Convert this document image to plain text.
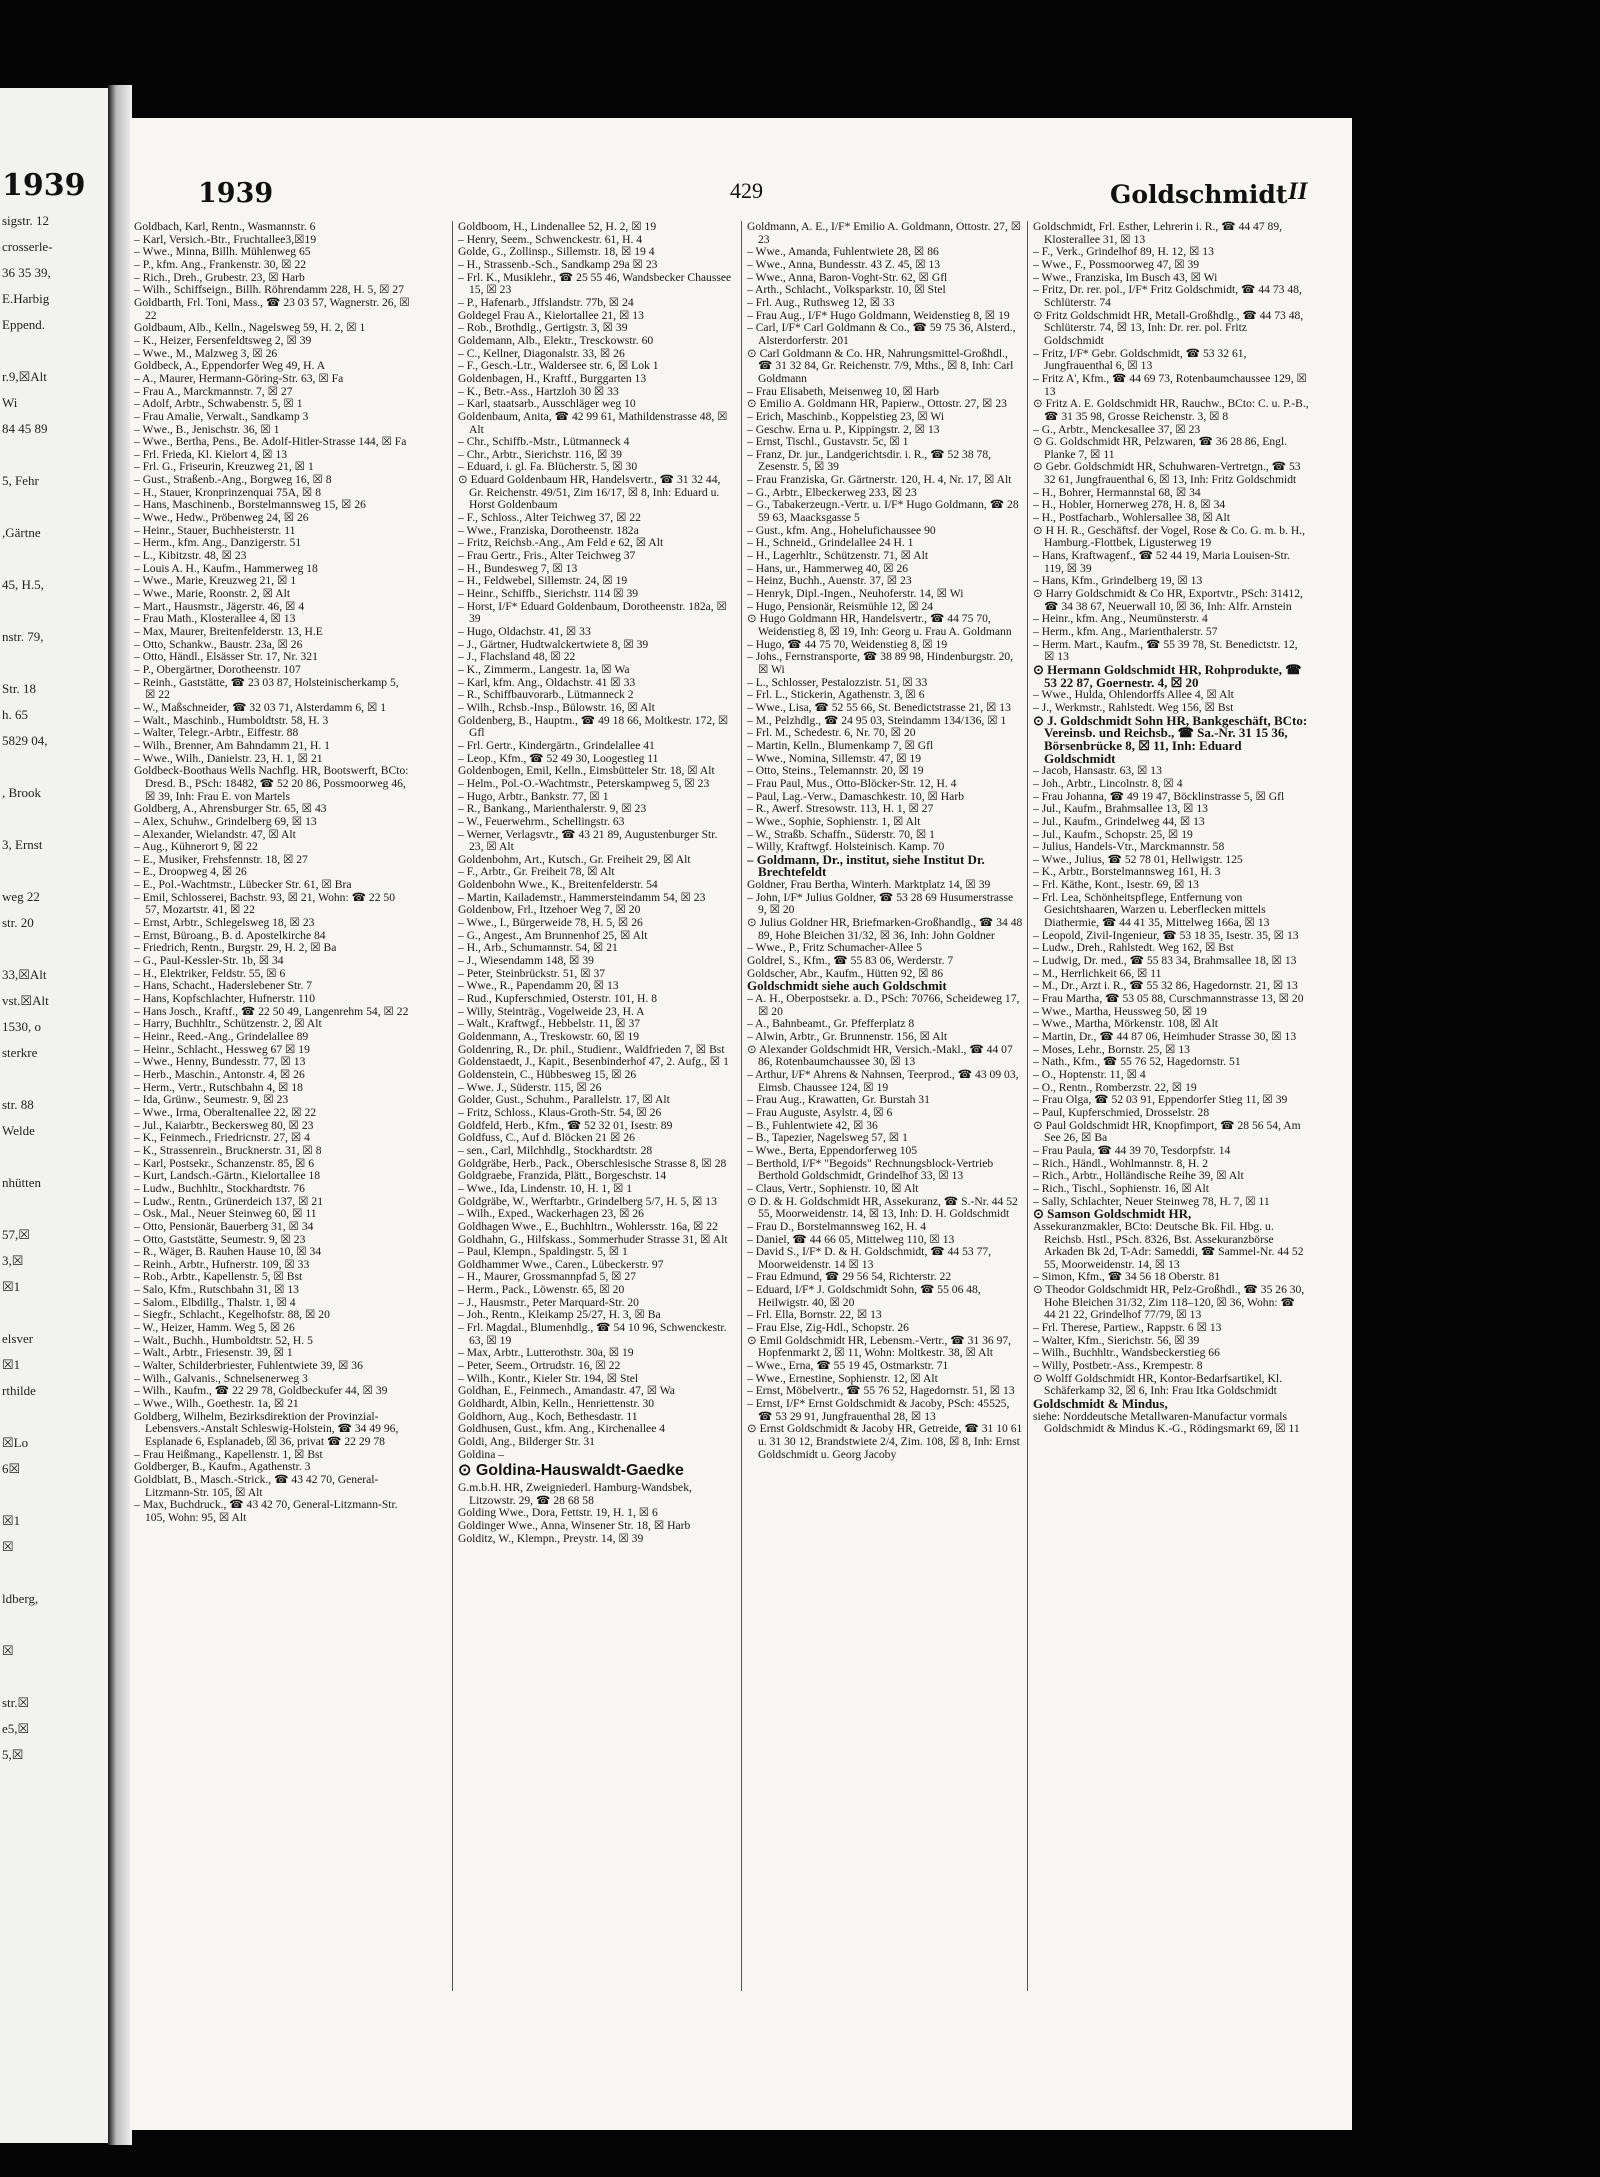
1939
sigstr. 12
crosserle-
36 35 39,
E.Harbig
Eppend.
r.9,☒Alt
Wi
84 45 89
5, Fehr
,Gärtne
45, H.5,
nstr. 79,
Str. 18
h. 65
5829 04,
, Brook
3, Ernst
weg 22
str. 20
33,☒Alt
vst.☒Alt
1530, o
sterkre
str. 88
Welde
nhütten
57,☒
3,☒
☒1
elsver
☒1
rthilde
☒Lo
6☒
☒1
☒
ldberg,
☒
str.☒
e5,☒
5,☒
1939	429	Goldschmidt II
Goldbach, Karl, Rentn., Wasmannstr. 6
– Karl, Versich.-Btr., Fruchtallee3,☒19
– Wwe., Minna, Billh. Mühlenweg 65
– P., kfm. Ang., Frankenstr. 30, ☒ 22
– Rich., Dreh., Grubestr. 23, ☒ Harb
– Wilh., Schiffseign., Billh. Röhrendamm 228, H. 5, ☒ 27
Goldbarth, Frl. Toni, Mass., ☎ 23 03 57, Wagnerstr. 26, ☒ 22
Goldbaum, Alb., Kelln., Nagelsweg 59, H. 2, ☒ 1
– K., Heizer, Fersenfeldtsweg 2, ☒ 39
– Wwe., M., Malzweg 3, ☒ 26
Goldbeck, A., Eppendorfer Weg 49, H. A
– A., Maurer, Hermann-Göring-Str. 63, ☒ Fa
– Frau A., Marckmannstr. 7, ☒ 27
– Adolf, Arbtr., Schwabenstr. 5, ☒ 1
– Frau Amalie, Verwalt., Sandkamp 3
– Wwe., B., Jenischstr. 36, ☒ 1
– Wwe., Bertha, Pens., Be. Adolf-Hitler-Strasse 144, ☒ Fa
– Frl. Frieda, Kl. Kielort 4, ☒ 13
– Frl. G., Friseurin, Kreuzweg 21, ☒ 1
– Gust., Straßenb.-Ang., Borgweg 16, ☒ 8
– H., Stauer, Kronprinzenquai 75A, ☒ 8
– Hans, Maschinenb., Borstelmannsweg 15, ☒ 26
– Wwe., Hedw., Pröbenweg 24, ☒ 26
– Heinr., Stauer, Buchheisterstr. 11
– Herm., kfm. Ang., Danzigerstr. 51
– L., Kibitzstr. 48, ☒ 23
– Louis A. H., Kaufm., Hammerweg 18
– Wwe., Marie, Kreuzweg 21, ☒ 1
– Wwe., Marie, Roonstr. 2, ☒ Alt
– Mart., Hausmstr., Jägerstr. 46, ☒ 4
– Frau Math., Klosterallee 4, ☒ 13
– Max, Maurer, Breitenfelderstr. 13, H.E
– Otto, Schankw., Baustr. 23a, ☒ 26
– Otto, Händl., Elsässer Str. 17, Nr. 321
– P., Obergärtner, Dorotheenstr. 107
– Reinh., Gaststätte, ☎ 23 03 87, Holsteinischerkamp 5, ☒ 22
– W., Maßschneider, ☎ 32 03 71, Alsterdamm 6, ☒ 1
– Walt., Maschinb., Humboldtstr. 58, H. 3
– Walter, Telegr.-Arbtr., Eiffestr. 88
– Wilh., Brenner, Am Bahndamm 21, H. 1
– Wwe., Wilh., Danielstr. 23, H. 1, ☒ 21
Goldbeck-Boothaus Wells Nachflg. HR, Bootswerft, BCto: Dresd. B., PSch: 18482, ☎ 52 20 86, Possmoorweg 46, ☒ 39, Inh: Frau E. von Martels
Goldberg, A., Ahrensburger Str. 65, ☒ 43
– Alex, Schuhw., Grindelberg 69, ☒ 13
– Alexander, Wielandstr. 47, ☒ Alt
– Aug., Kühnerort 9, ☒ 22
– E., Musiker, Frehsfennstr. 18, ☒ 27
– E., Droopweg 4, ☒ 26
– E., Pol.-Wachtmstr., Lübecker Str. 61, ☒ Bra
– Emil, Schlosserei, Bachstr. 93, ☒ 21, Wohn: ☎ 22 50 57, Mozartstr. 41, ☒ 22
– Ernst, Arbtr., Schlegelsweg 18, ☒ 23
– Ernst, Büroang., B. d. Apostelkirche 84
– Friedrich, Rentn., Burgstr. 29, H. 2, ☒ Ba
– G., Paul-Kessler-Str. 1b, ☒ 34
– H., Elektriker, Feldstr. 55, ☒ 6
– Hans, Schacht., Haderslebener Str. 7
– Hans, Kopfschlachter, Hufnerstr. 110
– Hans Josch., Kraftf., ☎ 22 50 49, Langenrehm 54, ☒ 22
– Harry, Buchhltr., Schützenstr. 2, ☒ Alt
– Heinr., Reed.-Ang., Grindelallee 89
– Heinr., Schlacht., Hessweg 67 ☒ 19
– Wwe., Henny, Bundesstr. 77, ☒ 13
– Herb., Maschin., Antonstr. 4, ☒ 26
– Herm., Vertr., Rutschbahn 4, ☒ 18
– Ida, Grünw., Seumestr. 9, ☒ 23
– Wwe., Irma, Oberaltenallee 22, ☒ 22
– Jul., Kaiarbtr., Beckersweg 80, ☒ 23
– K., Feinmech., Friedricnstr. 27, ☒ 4
– K., Strassenrein., Brucknerstr. 31, ☒ 8
– Karl, Postsekr., Schanzenstr. 85, ☒ 6
– Kurt, Landsch.-Gärtn., Kielortallee 18
– Ludw., Buchhltr., Stockhardtstr. 76
– Ludw., Rentn., Grünerdeich 137, ☒ 21
– Osk., Mal., Neuer Steinweg 60, ☒ 11
– Otto, Pensionär, Bauerberg 31, ☒ 34
– Otto, Gaststätte, Seumestr. 9, ☒ 23
– R., Wäger, B. Rauhen Hause 10, ☒ 34
– Reinh., Arbtr., Hufnerstr. 109, ☒ 33
– Rob., Arbtr., Kapellenstr. 5, ☒ Bst
– Salo, Kfm., Rutschbahn 31, ☒ 13
– Salom., Elbdillg., Thalstr. 1, ☒ 4
– Siegfr., Schlacht., Kegelhofstr. 88, ☒ 20
– W., Heizer, Hamm. Weg 5, ☒ 26
– Walt., Buchh., Humboldtstr. 52, H. 5
– Walt., Arbtr., Friesenstr. 39, ☒ 1
– Walter, Schilderbriester, Fuhlentwiete 39, ☒ 36
– Wilh., Galvanis., Schnelsenerweg 3
– Wilh., Kaufm., ☎ 22 29 78, Goldbeckufer 44, ☒ 39
– Wwe., Wilh., Goethestr. 1a, ☒ 21
Goldberg, Wilhelm, Bezirksdirektion der Provinzial-Lebensvers.-Anstalt Schleswig-Holstein, ☎ 34 49 96, Esplanade 6, Esplanadeb, ☒ 36, privat ☎ 22 29 78
– Frau Heißmang., Kapellenstr. 1, ☒ Bst
Goldberger, B., Kaufm., Agathenstr. 3
Goldblatt, B., Masch.-Strick., ☎ 43 42 70, General-Litzmann-Str. 105, ☒ Alt
– Max, Buchdruck., ☎ 43 42 70, General-Litzmann-Str. 105, Wohn: 95, ☒ Alt
Goldboom, H., Lindenallee 52, H. 2, ☒ 19
– Henry, Seem., Schwenckestr. 61, H. 4
Golde, G., Zollinsp., Sillemstr. 18, ☒ 19 4
– H., Strassenb.-Sch., Sandkamp 29a ☒ 23
– Frl. K., Musiklehr., ☎ 25 55 46, Wandsbecker Chaussee 15, ☒ 23
– P., Hafenarb., Jffslandstr. 77b, ☒ 24
Goldegel Frau A., Kielortallee 21, ☒ 13
– Rob., Brothdlg., Gertigstr. 3, ☒ 39
Goldemann, Alb., Elektr., Tresckowstr. 60
– C., Kellner, Diagonalstr. 33, ☒ 26
– F., Gesch.-Ltr., Waldersee str. 6, ☒ Lok 1
Goldenbagen, H., Kraftf., Burggarten 13
– K., Betr.-Ass., Hartzloh 30 ☒ 33
– Karl, staatsarb., Ausschläger weg 10
Goldenbaum, Anita, ☎ 42 99 61, Mathildenstrasse 48, ☒ Alt
– Chr., Schiffb.-Mstr., Lütmanneck 4
– Chr., Arbtr., Sierichstr. 116, ☒ 39
– Eduard, i. gl. Fa. Blücherstr. 5, ☒ 30
⊙ Eduard Goldenbaum HR, Handelsvertr., ☎ 31 32 44, Gr. Reichenstr. 49/51, Zim 16/17, ☒ 8, Inh: Eduard u. Horst Goldenbaum
– F., Schloss., Alter Teichweg 37, ☒ 22
– Wwe., Franziska, Dorotheenstr. 182a
– Fritz, Reichsb.-Ang., Am Feld e 62, ☒ Alt
– Frau Gertr., Fris., Alter Teichweg 37
– H., Bundesweg 7, ☒ 13
– H., Feldwebel, Sillemstr. 24, ☒ 19
– Heinr., Schiffb., Sierichstr. 114 ☒ 39
– Horst, I/F* Eduard Goldenbaum, Dorotheenstr. 182a, ☒ 39
– Hugo, Oldachstr. 41, ☒ 33
– J., Gärtner, Hudtwalckertwiete 8, ☒ 39
– J., Flachsland 48, ☒ 22
– K., Zimmerm., Langestr. 1a, ☒ Wa
– Karl, kfm. Ang., Oldachstr. 41 ☒ 33
– R., Schiffbauvorarb., Lütmanneck 2
– Wilh., Rchsb.-Insp., Bülowstr. 16, ☒ Alt
Goldenberg, B., Hauptm., ☎ 49 18 66, Moltkestr. 172, ☒ Gfl
– Frl. Gertr., Kindergärtn., Grindelallee 41
– Leop., Kfm., ☎ 52 49 30, Loogestieg 11
Goldenbogen, Emil, Kelln., Eimsbütteler Str. 18, ☒ Alt
– Helm., Pol.-O.-Wachtmstr., Peterskampweg 5, ☒ 23
– Hugo, Arbtr., Bankstr. 77, ☒ 1
– R., Bankang., Marienthalerstr. 9, ☒ 23
– W., Feuerwehrm., Schellingstr. 63
– Werner, Verlagsvtr., ☎ 43 21 89, Augustenburger Str. 23, ☒ Alt
Goldenbohm, Art., Kutsch., Gr. Freiheit 29, ☒ Alt
– F., Arbtr., Gr. Freiheit 78, ☒ Alt
Goldenbohn Wwe., K., Breitenfelderstr. 54
– Martin, Kailademstr., Hammersteindamm 54, ☒ 23
Goldenbow, Frl., Itzehoer Weg 7, ☒ 20
– Wwe., I., Bürgerweide 78, H. 5, ☒ 26
– G., Angest., Am Brunnenhof 25, ☒ Alt
– H., Arb., Schumannstr. 54, ☒ 21
– J., Wiesendamm 148, ☒ 39
– Peter, Steinbrückstr. 51, ☒ 37
– Wwe., R., Papendamm 20, ☒ 13
– Rud., Kupferschmied, Osterstr. 101, H. 8
– Willy, Steinträg., Vogelweide 23, H. A
– Walt., Kraftwgf., Hebbelstr. 11, ☒ 37
Goldenmann, A., Treskowstr. 60, ☒ 19
Goldenring, R., Dr. phil., Studienr., Waldfrieden 7, ☒ Bst
Goldenstaedt, J., Kapit., Besenbinderhof 47, 2. Aufg., ☒ 1
Goldenstein, C., Hübbesweg 15, ☒ 26
– Wwe. J., Süderstr. 115, ☒ 26
Golder, Gust., Schuhm., Parallelstr. 17, ☒ Alt
– Fritz, Schloss., Klaus-Groth-Str. 54, ☒ 26
Goldfeld, Herb., Kfm., ☎ 52 32 01, Isestr. 89
Goldfuss, C., Auf d. Blöcken 21 ☒ 26
– sen., Carl, Milchhdlg., Stockhardtstr. 28
Goldgräbe, Herb., Pack., Oberschlesische Strasse 8, ☒ 28
Goldgraebe, Franzida, Plätt., Borgeschstr. 14
– Wwe., Ida, Lindenstr. 10, H. 1, ☒ 1
Goldgräbe, W., Werftarbtr., Grindelberg 5/7, H. 5, ☒ 13
– Wilh., Exped., Wackerhagen 23, ☒ 26
Goldhagen Wwe., E., Buchhltrn., Wohlersstr. 16a, ☒ 22
Goldhahn, G., Hilfskass., Sommerhuder Strasse 31, ☒ Alt
– Paul, Klempn., Spaldingstr. 5, ☒ 1
Goldhammer Wwe., Caren., Lübeckerstr. 97
– H., Maurer, Grossmannpfad 5, ☒ 27
– Herm., Pack., Löwenstr. 65, ☒ 20
– J., Hausmstr., Peter Marquard-Str. 20
– Joh., Rentn., Kleikamp 25/27, H. 3, ☒ Ba
– Frl. Magdal., Blumenhdlg., ☎ 54 10 96, Schwenckestr. 63, ☒ 19
– Max, Arbtr., Lutterothstr. 30a, ☒ 19
– Peter, Seem., Ortrudstr. 16, ☒ 22
– Wilh., Kontr., Kieler Str. 194, ☒ Stel
Goldhan, E., Feinmech., Amandastr. 47, ☒ Wa
Goldhardt, Albin, Kelln., Henriettenstr. 30
Goldhorn, Aug., Koch, Bethesdastr. 11
Goldhusen, Gust., kfm. Ang., Kirchenallee 4
Goldi, Ang., Bilderger Str. 31
Goldina –
⊙ Goldina-Hauswaldt-Gaedke
G.m.b.H. HR, Zweigniederl. Hamburg-Wandsbek, Litzowstr. 29, ☎ 28 68 58
Golding Wwe., Dora, Fettstr. 19, H. 1, ☒ 6
Goldinger Wwe., Anna, Winsener Str. 18, ☒ Harb
Golditz, W., Klempn., Preystr. 14, ☒ 39
Goldmann, A. E., I/F* Emilio A. Goldmann, Ottostr. 27, ☒ 23
– Wwe., Amanda, Fuhlentwiete 28, ☒ 86
– Wwe., Anna, Bundesstr. 43 Z. 45, ☒ 13
– Wwe., Anna, Baron-Voght-Str. 62, ☒ Gfl
– Arth., Schlacht., Volksparkstr. 10, ☒ Stel
– Frl. Aug., Ruthsweg 12, ☒ 33
– Frau Aug., I/F* Hugo Goldmann, Weidenstieg 8, ☒ 19
– Carl, I/F* Carl Goldmann & Co., ☎ 59 75 36, Alsterd., Alsterdorferstr. 201
⊙ Carl Goldmann & Co. HR, Nahrungsmittel-Großhdl., ☎ 31 32 84, Gr. Reichenstr. 7/9, Mths., ☒ 8, Inh: Carl Goldmann
– Frau Elisabeth, Meisenweg 10, ☒ Harb
⊙ Emilio A. Goldmann HR, Papierw., Ottostr. 27, ☒ 23
– Erich, Maschinb., Koppelstieg 23, ☒ Wi
– Geschw. Erna u. P., Kippingstr. 2, ☒ 13
– Ernst, Tischl., Gustavstr. 5c, ☒ 1
– Franz, Dr. jur., Landgerichtsdir. i. R., ☎ 52 38 78, Zesenstr. 5, ☒ 39
– Frau Franziska, Gr. Gärtnerstr. 120, H. 4, Nr. 17, ☒ Alt
– G., Arbtr., Elbeckerweg 233, ☒ 23
– G., Tabakerzeugn.-Vertr. u. I/F* Hugo Goldmann, ☎ 28 59 63, Maacksgasse 5
– Gust., kfm. Ang., Hohelufichaussee 90
– H., Schneid., Grindelallee 24 H. 1
– H., Lagerhltr., Schützenstr. 71, ☒ Alt
– Hans, ur., Hammerweg 40, ☒ 26
– Heinz, Buchh., Auenstr. 37, ☒ 23
– Henryk, Dipl.-Ingen., Neuhoferstr. 14, ☒ Wi
– Hugo, Pensionär, Reismühle 12, ☒ 24
⊙ Hugo Goldmann HR, Handelsvertr., ☎ 44 75 70, Weidenstieg 8, ☒ 19, Inh: Georg u. Frau A. Goldmann
– Hugo, ☎ 44 75 70, Weidenstieg 8, ☒ 19
– Johs., Fernstransporte, ☎ 38 89 98, Hindenburgstr. 20, ☒ Wi
– L., Schlosser, Pestalozzistr. 51, ☒ 33
– Frl. L., Stickerin, Agathenstr. 3, ☒ 6
– Wwe., Lisa, ☎ 52 55 66, St. Benedictstrasse 21, ☒ 13
– M., Pelzhdlg., ☎ 24 95 03, Steindamm 134/136, ☒ 1
– Frl. M., Schedestr. 6, Nr. 70, ☒ 20
– Martin, Kelln., Blumenkamp 7, ☒ Gfl
– Wwe., Nomina, Sillemstr. 47, ☒ 19
– Otto, Steins., Telemannstr. 20, ☒ 19
– Frau Paul, Mus., Otto-Blöcker-Str. 12, H. 4
– Paul, Lag.-Verw., Damaschkestr. 10, ☒ Harb
– R., Awerf. Stresowstr. 113, H. 1, ☒ 27
– Wwe., Sophie, Sophienstr. 1, ☒ Alt
– W., Straßb. Schaffn., Süderstr. 70, ☒ 1
– Willy, Kraftwgf. Holsteinisch. Kamp. 70
– Goldmann, Dr., institut, siehe Institut Dr. Brechtefeldt
Goldner, Frau Bertha, Winterh. Marktplatz 14, ☒ 39
– John, I/F* Julius Goldner, ☎ 53 28 69 Husumerstrasse 9, ☒ 20
⊙ Julius Goldner HR, Briefmarken-Großhandlg., ☎ 34 48 89, Hohe Bleichen 31/32, ☒ 36, Inh: John Goldner
– Wwe., P., Fritz Schumacher-Allee 5
Goldrel, S., Kfm., ☎ 55 83 06, Werderstr. 7
Goldscher, Abr., Kaufm., Hütten 92, ☒ 86
Goldschmidt siehe auch Goldschmit
– A. H., Oberpostsekr. a. D., PSch: 70766, Scheideweg 17, ☒ 20
– A., Bahnbeamt., Gr. Pfefferplatz 8
– Alwin, Arbtr., Gr. Brunnenstr. 156, ☒ Alt
⊙ Alexander Goldschmidt HR, Versich.-Makl., ☎ 44 07 86, Rotenbaumchaussee 30, ☒ 13
– Arthur, I/F* Ahrens & Nahnsen, Teerprod., ☎ 43 09 03, Eimsb. Chaussee 124, ☒ 19
– Frau Aug., Krawatten, Gr. Burstah 31
– Frau Auguste, Asylstr. 4, ☒ 6
– B., Fuhlentwiete 42, ☒ 36
– B., Tapezier, Nagelsweg 57, ☒ 1
– Wwe., Berta, Eppendorferweg 105
– Berthold, I/F* "Begoids" Rechnungsblock-Vertrieb Berthold Goldschmidt, Grindelhof 33, ☒ 13
– Claus, Vertr., Sophienstr. 10, ☒ Alt
⊙ D. & H. Goldschmidt HR, Assekuranz, ☎ S.-Nr. 44 52 55, Moorweidenstr. 14, ☒ 13, Inh: D. H. Goldschmidt
– Frau D., Borstelmannsweg 162, H. 4
– Daniel, ☎ 44 66 05, Mittelweg 110, ☒ 13
– David S., I/F* D. & H. Goldschmidt, ☎ 44 53 77, Moorweidenstr. 14 ☒ 13
– Frau Edmund, ☎ 29 56 54, Richterstr. 22
– Eduard, I/F* J. Goldschmidt Sohn, ☎ 55 06 48, Heilwigstr. 40, ☒ 20
– Frl. Ella, Bornstr. 22, ☒ 13
– Frau Else, Zig-Hdl., Schopstr. 26
⊙ Emil Goldschmidt HR, Lebensm.-Vertr., ☎ 31 36 97, Hopfenmarkt 2, ☒ 11, Wohn: Moltkestr. 38, ☒ Alt
– Wwe., Erna, ☎ 55 19 45, Ostmarkstr. 71
– Wwe., Ernestine, Sophienstr. 12, ☒ Alt
– Ernst, Möbelvertr., ☎ 55 76 52, Hagedornstr. 51, ☒ 13
– Ernst, I/F* Ernst Goldschmidt & Jacoby, PSch: 45525, ☎ 53 29 91, Jungfrauenthal 28, ☒ 13
⊙ Ernst Goldschmidt & Jacoby HR, Getreide, ☎ 31 10 61 u. 31 30 12, Brandstwiete 2/4, Zim. 108, ☒ 8, Inh: Ernst Goldschmidt u. Georg Jacoby
Goldschmidt, Frl. Esther, Lehrerin i. R., ☎ 44 47 89, Klosterallee 31, ☒ 13
– F., Verk., Grindelhof 89, H. 12, ☒ 13
– Wwe., F., Possmoorweg 47, ☒ 39
– Wwe., Franziska, Im Busch 43, ☒ Wi
– Fritz, Dr. rer. pol., I/F* Fritz Goldschmidt, ☎ 44 73 48, Schlüterstr. 74
⊙ Fritz Goldschmidt HR, Metall-Großhdlg., ☎ 44 73 48, Schlüterstr. 74, ☒ 13, Inh: Dr. rer. pol. Fritz Goldschmidt
– Fritz, I/F* Gebr. Goldschmidt, ☎ 53 32 61, Jungfrauenthal 6, ☒ 13
– Fritz A', Kfm., ☎ 44 69 73, Rotenbaumchaussee 129, ☒ 13
⊙ Fritz A. E. Goldschmidt HR, Rauchw., BCto: C. u. P.-B., ☎ 31 35 98, Grosse Reichenstr. 3, ☒ 8
– G., Arbtr., Menckesallee 37, ☒ 23
⊙ G. Goldschmidt HR, Pelzwaren, ☎ 36 28 86, Engl. Planke 7, ☒ 11
⊙ Gebr. Goldschmidt HR, Schuhwaren-Vertretgn., ☎ 53 32 61, Jungfrauenthal 6, ☒ 13, Inh: Fritz Goldschmidt
– H., Bohrer, Hermannstal 68, ☒ 34
– H., Hobler, Hornerweg 278, H. 8, ☒ 34
– H., Postfacharb., Wohlersallee 38, ☒ Alt
⊙ H H. R., Geschäftsf. der Vogel, Rose & Co. G. m. b. H., Hamburg.-Flottbek, Ligusterweg 19
– Hans, Kraftwagenf., ☎ 52 44 19, Maria Louisen-Str. 119, ☒ 39
– Hans, Kfm., Grindelberg 19, ☒ 13
⊙ Harry Goldschmidt & Co HR, Exportvtr., PSch: 31412, ☎ 34 38 67, Neuerwall 10, ☒ 36, Inh: Alfr. Arnstein
– Heinr., kfm. Ang., Neumünsterstr. 4
– Herm., kfm. Ang., Marienthalerstr. 57
– Herm. Mart., Kaufm., ☎ 55 39 78, St. Benedictstr. 12, ☒ 13
⊙ Hermann Goldschmidt HR, Rohprodukte, ☎ 53 22 87, Goernestr. 4, ☒ 20
– Wwe., Hulda, Ohlendorffs Allee 4, ☒ Alt
– J., Werkmstr., Rahlstedt. Weg 156, ☒ Bst
⊙ J. Goldschmidt Sohn HR, Bankgeschäft, BCto: Vereinsb. und Reichsb., ☎ Sa.-Nr. 31 15 36, Börsenbrücke 8, ☒ 11, Inh: Eduard Goldschmidt
– Jacob, Hansastr. 63, ☒ 13
– Joh., Arbtr., Lincolnstr. 8, ☒ 4
– Frau Johanna, ☎ 49 19 47, Böcklinstrasse 5, ☒ Gfl
– Jul., Kaufm., Brahmsallee 13, ☒ 13
– Jul., Kaufm., Grindelweg 44, ☒ 13
– Jul., Kaufm., Schopstr. 25, ☒ 19
– Julius, Handels-Vtr., Marckmannstr. 58
– Wwe., Julius, ☎ 52 78 01, Hellwigstr. 125
– K., Arbtr., Borstelmannsweg 161, H. 3
– Frl. Käthe, Kont., Isestr. 69, ☒ 13
– Frl. Lea, Schönheitspflege, Entfernung von Gesichtshaaren, Warzen u. Leberflecken mittels Diathermie, ☎ 44 41 35, Mittelweg 166a, ☒ 13
– Leopold, Zivil-Ingenieur, ☎ 53 18 35, Isestr. 35, ☒ 13
– Ludw., Dreh., Rahlstedt. Weg 162, ☒ Bst
– Ludwig, Dr. med., ☎ 55 83 34, Brahmsallee 18, ☒ 13
– M., Herrlichkeit 66, ☒ 11
– M., Dr., Arzt i. R., ☎ 55 32 86, Hagedornstr. 21, ☒ 13
– Frau Martha, ☎ 53 05 88, Curschmannstrasse 13, ☒ 20
– Wwe., Martha, Heussweg 50, ☒ 19
– Wwe., Martha, Mörkenstr. 108, ☒ Alt
– Martin, Dr., ☎ 44 87 06, Heimhuder Strasse 30, ☒ 13
– Moses, Lehr., Bornstr. 25, ☒ 13
– Nath., Kfm., ☎ 55 76 52, Hagedornstr. 51
– O., Hoptenstr. 11, ☒ 4
– O., Rentn., Romberzstr. 22, ☒ 19
– Frau Olga, ☎ 52 03 91, Eppendorfer Stieg 11, ☒ 39
– Paul, Kupferschmied, Drosselstr. 28
⊙ Paul Goldschmidt HR, Knopfimport, ☎ 28 56 54, Am See 26, ☒ Ba
– Frau Paula, ☎ 44 39 70, Tesdorpfstr. 14
– Rich., Händl., Wohlmannstr. 8, H. 2
– Rich., Arbtr., Holländische Reihe 39, ☒ Alt
– Rich., Tischl., Sophienstr. 16, ☒ Alt
– Sally, Schlachter, Neuer Steinweg 78, H. 7, ☒ 11
⊙ Samson Goldschmidt HR,
Assekuranzmakler, BCto: Deutsche Bk. Fil. Hbg. u. Reichsb. Hstl., PSch. 8326, Bst. Assekuranzbörse Arkaden Bk 2d, T-Adr: Sameddi, ☎ Sammel-Nr. 44 52 55, Moorweidenstr. 14, ☒ 13
– Simon, Kfm., ☎ 34 56 18 Oberstr. 81
⊙ Theodor Goldschmidt HR, Pelz-Großhdl., ☎ 35 26 30, Hohe Bleichen 31/32, Zim 118–120, ☒ 36, Wohn: ☎ 44 21 22, Grindelhof 77/79, ☒ 13
– Frl. Therese, Partiew., Rappstr. 6 ☒ 13
– Walter, Kfm., Sierichstr. 56, ☒ 39
– Wilh., Buchhltr., Wandsbeckerstieg 66
– Willy, Postbetr.-Ass., Krempestr. 8
⊙ Wolff Goldschmidt HR, Kontor-Bedarfsartikel, Kl. Schäferkamp 32, ☒ 6, Inh: Frau Itka Goldschmidt
Goldschmidt & Mindus,
siehe: Norddeutsche Metallwaren-Manufactur vormals Goldschmidt & Mindus K.-G., Rödingsmarkt 69, ☒ 11
